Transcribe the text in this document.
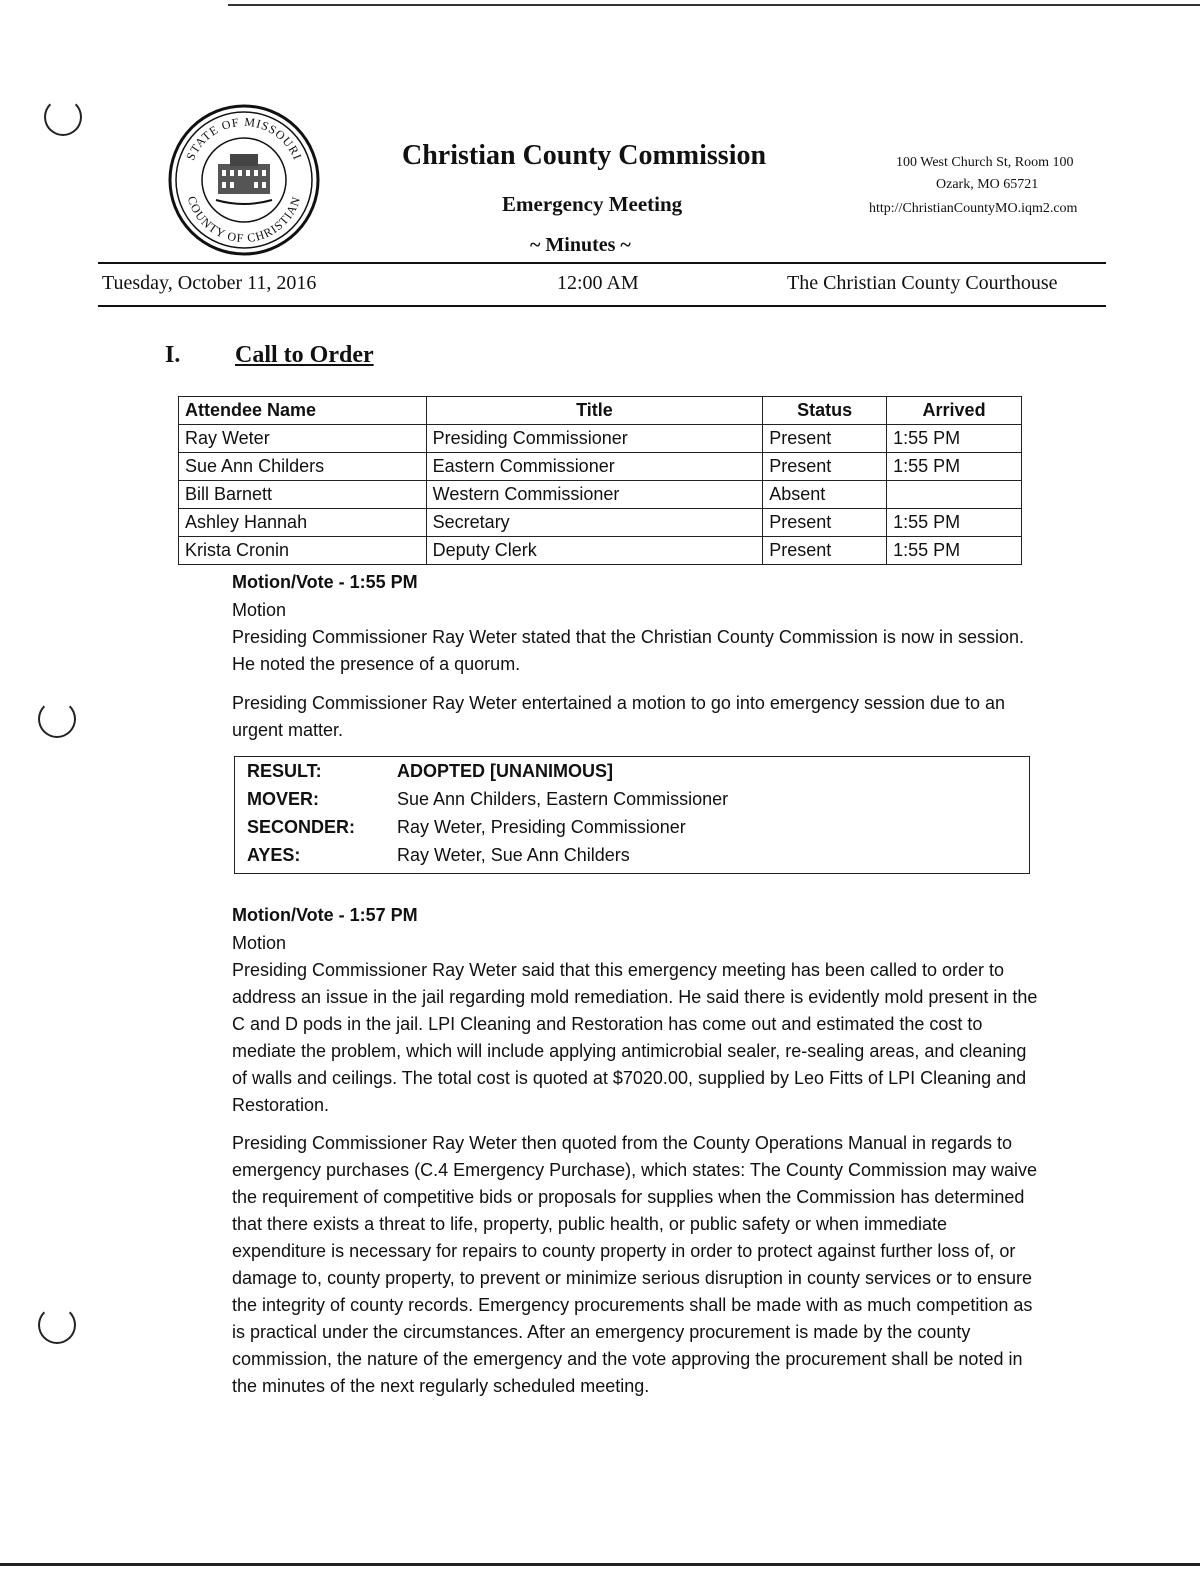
STATE OF MISSOURI
COUNTY OF CHRISTIAN
Christian County Commission
Emergency Meeting
~ Minutes ~
100 West Church St, Room 100
Ozark, MO 65721
http://ChristianCountyMO.iqm2.com
Tuesday, October 11, 2016	12:00 AM	The Christian County Courthouse
I. Call to Order
Attendee Name	Title	Status	Arrived
Ray Weter	Presiding Commissioner	Present	1:55 PM
Sue Ann Childers	Eastern Commissioner	Present	1:55 PM
Bill Barnett	Western Commissioner	Absent	
Ashley Hannah	Secretary	Present	1:55 PM
Krista Cronin	Deputy Clerk	Present	1:55 PM
Motion/Vote - 1:55 PM
Motion
Presiding Commissioner Ray Weter stated that the Christian County Commission is now in session. He noted the presence of a quorum.
Presiding Commissioner Ray Weter entertained a motion to go into emergency session due to an urgent matter.
RESULT:	ADOPTED [UNANIMOUS]
MOVER:	Sue Ann Childers, Eastern Commissioner
SECONDER: Ray Weter, Presiding Commissioner
AYES:	Ray Weter, Sue Ann Childers
Motion/Vote - 1:57 PM
Motion
Presiding Commissioner Ray Weter said that this emergency meeting has been called to order to address an issue in the jail regarding mold remediation. He said there is evidently mold present in the C and D pods in the jail. LPI Cleaning and Restoration has come out and estimated the cost to mediate the problem, which will include applying antimicrobial sealer, re-sealing areas, and cleaning of walls and ceilings. The total cost is quoted at $7020.00, supplied by Leo Fitts of LPI Cleaning and Restoration.
Presiding Commissioner Ray Weter then quoted from the County Operations Manual in regards to emergency purchases (C.4 Emergency Purchase), which states: The County Commission may waive the requirement of competitive bids or proposals for supplies when the Commission has determined that there exists a threat to life, property, public health, or public safety or when immediate expenditure is necessary for repairs to county property in order to protect against further loss of, or damage to, county property, to prevent or minimize serious disruption in county services or to ensure the integrity of county records. Emergency procurements shall be made with as much competition as is practical under the circumstances. After an emergency procurement is made by the county commission, the nature of the emergency and the vote approving the procurement shall be noted in the minutes of the next regularly scheduled meeting.
